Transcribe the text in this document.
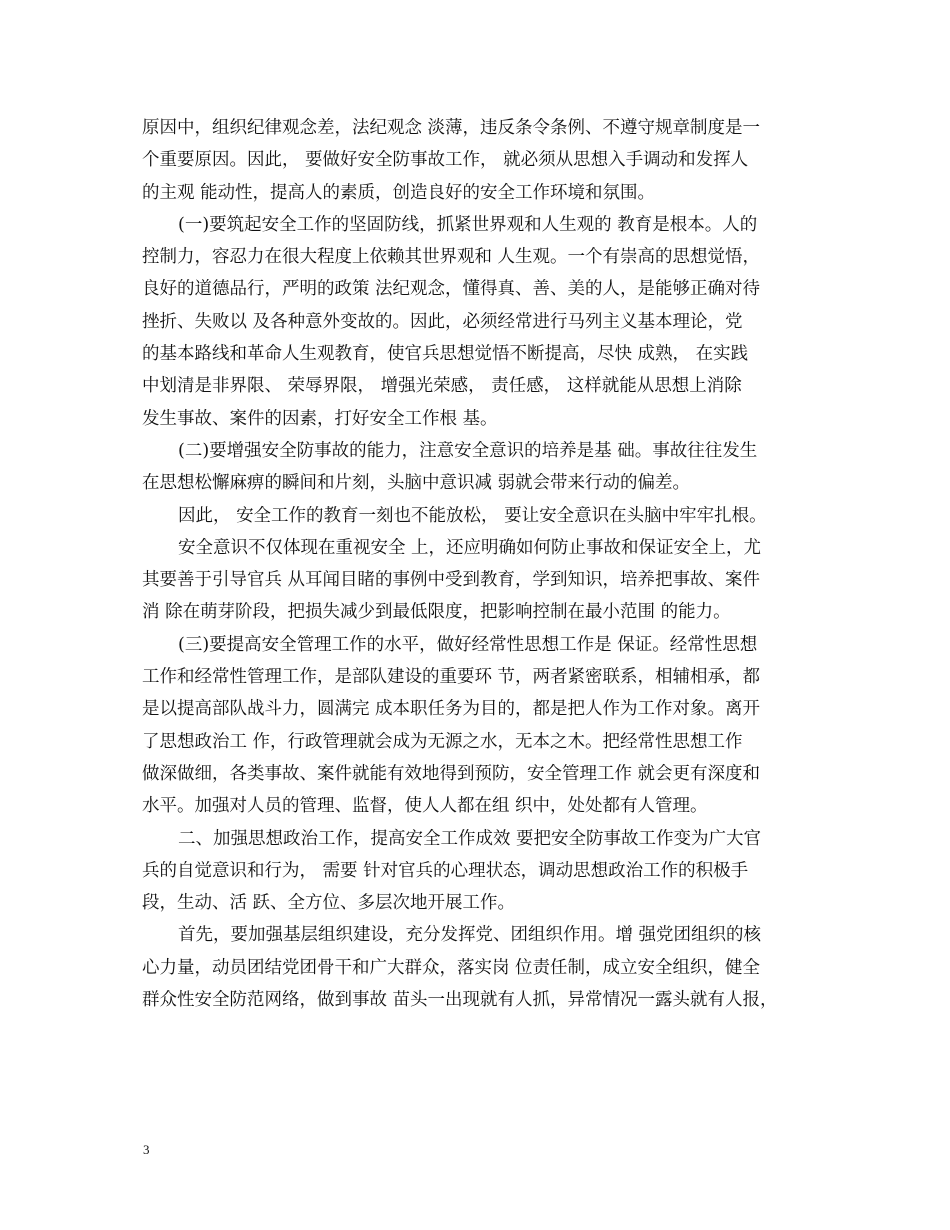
原因中，组织纪律观念差，法纪观念 淡薄，违反条令条例、不遵守规章制度是一
个重要原因。因此， 要做好安全防事故工作， 就必须从思想入手调动和发挥人
的主观 能动性，提高人的素质，创造良好的安全工作环境和氛围。
(一)要筑起安全工作的坚固防线，抓紧世界观和人生观的 教育是根本。人的
控制力，容忍力在很大程度上依赖其世界观和 人生观。一个有崇高的思想觉悟，
良好的道德品行，严明的政策 法纪观念，懂得真、善、美的人，是能够正确对待
挫折、失败以 及各种意外变故的。因此，必须经常进行马列主义基本理论，党
的基本路线和革命人生观教育，使官兵思想觉悟不断提高，尽快 成熟， 在实践
中划清是非界限、 荣辱界限， 增强光荣感， 责任感， 这样就能从思想上消除
发生事故、案件的因素，打好安全工作根 基。
(二)要增强安全防事故的能力，注意安全意识的培养是基 础。事故往往发生
在思想松懈麻痹的瞬间和片刻，头脑中意识减 弱就会带来行动的偏差。
因此， 安全工作的教育一刻也不能放松， 要让安全意识在头脑中牢牢扎根。
安全意识不仅体现在重视安全 上，还应明确如何防止事故和保证安全上，尤
其要善于引导官兵 从耳闻目睹的事例中受到教育，学到知识，培养把事故、案件
消 除在萌芽阶段，把损失减少到最低限度，把影响控制在最小范围 的能力。
(三)要提高安全管理工作的水平，做好经常性思想工作是 保证。经常性思想
工作和经常性管理工作，是部队建设的重要环 节，两者紧密联系，相辅相承，都
是以提高部队战斗力，圆满完 成本职任务为目的，都是把人作为工作对象。离开
了思想政治工 作，行政管理就会成为无源之水，无本之木。把经常性思想工作
做深做细，各类事故、案件就能有效地得到预防，安全管理工作 就会更有深度和
水平。加强对人员的管理、监督，使人人都在组 织中，处处都有人管理。
二、加强思想政治工作，提高安全工作成效 要把安全防事故工作变为广大官
兵的自觉意识和行为， 需要 针对官兵的心理状态，调动思想政治工作的积极手
段，生动、活 跃、全方位、多层次地开展工作。
首先，要加强基层组织建设，充分发挥党、团组织作用。增 强党团组织的核
心力量，动员团结党团骨干和广大群众，落实岗 位责任制，成立安全组织，健全
群众性安全防范网络，做到事故 苗头一出现就有人抓，异常情况一露头就有人报，
3
